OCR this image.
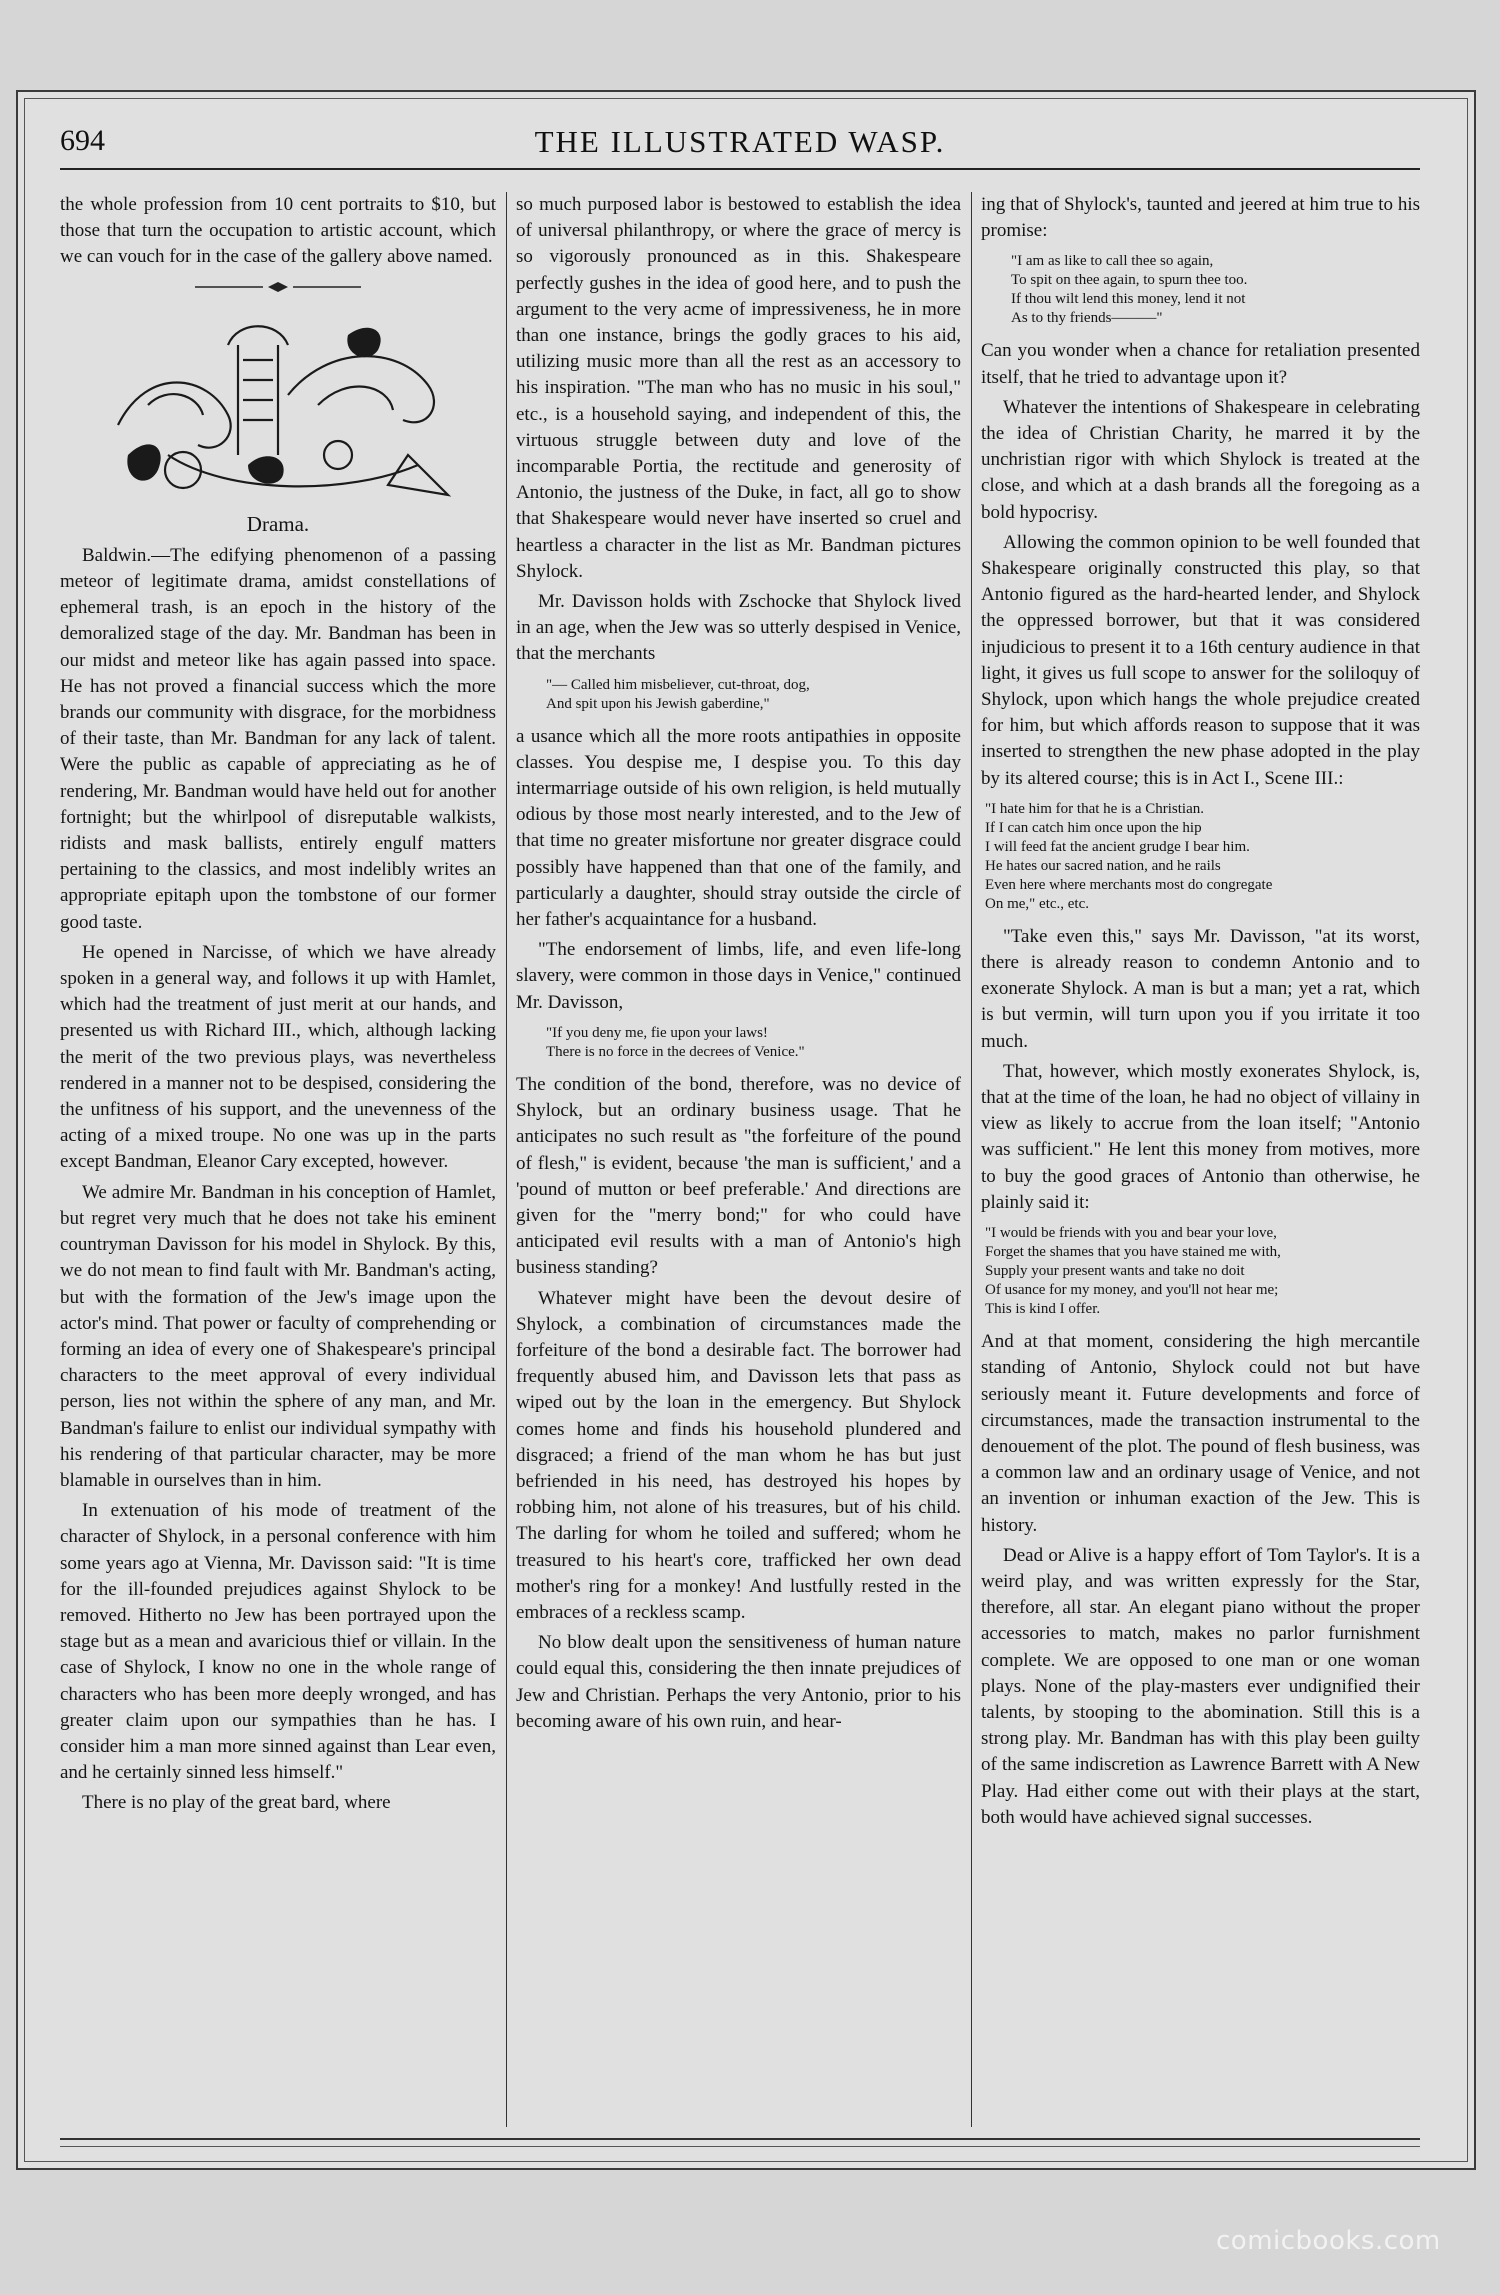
694	THE ILLUSTRATED WASP.

the whole profession from 10 cent portraits to $10, but those that turn the occupation to artistic account, which we can vouch for in the case of the gallery above named.

Drama.

Baldwin.—The edifying phenomenon of a passing meteor of legitimate drama, amidst constellations of ephemeral trash, is an epoch in the history of the demoralized stage of the day. Mr. Bandman has been in our midst and meteor like has again passed into space. He has not proved a financial success which the more brands our community with disgrace, for the morbidness of their taste, than Mr. Bandman for any lack of talent. Were the public as capable of appreciating as he of rendering, Mr. Bandman would have held out for another fortnight; but the whirlpool of disreputable walkists, ridists and mask ballists, entirely engulf matters pertaining to the classics, and most indelibly writes an appropriate epitaph upon the tombstone of our former good taste.

He opened in Narcisse, of which we have already spoken in a general way, and follows it up with Hamlet, which had the treatment of just merit at our hands, and presented us with Richard III., which, although lacking the merit of the two previous plays, was nevertheless rendered in a manner not to be despised, considering the the unfitness of his support, and the unevenness of the acting of a mixed troupe. No one was up in the parts except Bandman, Eleanor Cary excepted, however.

We admire Mr. Bandman in his conception of Hamlet, but regret very much that he does not take his eminent countryman Davisson for his model in Shylock. By this, we do not mean to find fault with Mr. Bandman's acting, but with the formation of the Jew's image upon the actor's mind. That power or faculty of comprehending or forming an idea of every one of Shakespeare's principal characters to the meet approval of every individual person, lies not within the sphere of any man, and Mr. Bandman's failure to enlist our individual sympathy with his rendering of that particular character, may be more blamable in ourselves than in him.

In extenuation of his mode of treatment of the character of Shylock, in a personal conference with him some years ago at Vienna, Mr. Davisson said: "It is time for the ill-founded prejudices against Shylock to be removed. Hitherto no Jew has been portrayed upon the stage but as a mean and avaricious thief or villain. In the case of Shylock, I know no one in the whole range of characters who has been more deeply wronged, and has greater claim upon our sympathies than he has. I consider him a man more sinned against than Lear even, and he certainly sinned less himself."

There is no play of the great bard, where

so much purposed labor is bestowed to establish the idea of universal philanthropy, or where the grace of mercy is so vigorously pronounced as in this. Shakespeare perfectly gushes in the idea of good here, and to push the argument to the very acme of impressiveness, he in more than one instance, brings the godly graces to his aid, utilizing music more than all the rest as an accessory to his inspiration. "The man who has no music in his soul," etc., is a household saying, and independent of this, the virtuous struggle between duty and love of the incomparable Portia, the rectitude and generosity of Antonio, the justness of the Duke, in fact, all go to show that Shakespeare would never have inserted so cruel and heartless a character in the list as Mr. Bandman pictures Shylock.

Mr. Davisson holds with Zschocke that Shylock lived in an age, when the Jew was so utterly despised in Venice, that the merchants

"— Called him misbeliever, cut-throat, dog,
And spit upon his Jewish gaberdine,"

a usance which all the more roots antipathies in opposite classes. You despise me, I despise you. To this day intermarriage outside of his own religion, is held mutually odious by those most nearly interested, and to the Jew of that time no greater misfortune nor greater disgrace could possibly have happened than that one of the family, and particularly a daughter, should stray outside the circle of her father's acquaintance for a husband.

"The endorsement of limbs, life, and even life-long slavery, were common in those days in Venice," continued Mr. Davisson,

"If you deny me, fie upon your laws!
There is no force in the decrees of Venice."

The condition of the bond, therefore, was no device of Shylock, but an ordinary business usage. That he anticipates no such result as "the forfeiture of the pound of flesh," is evident, because 'the man is sufficient,' and a 'pound of mutton or beef preferable.' And directions are given for the "merry bond;" for who could have anticipated evil results with a man of Antonio's high business standing?

Whatever might have been the devout desire of Shylock, a combination of circumstances made the forfeiture of the bond a desirable fact. The borrower had frequently abused him, and Davisson lets that pass as wiped out by the loan in the emergency. But Shylock comes home and finds his household plundered and disgraced; a friend of the man whom he has but just befriended in his need, has destroyed his hopes by robbing him, not alone of his treasures, but of his child. The darling for whom he toiled and suffered; whom he treasured to his heart's core, trafficked her own dead mother's ring for a monkey! And lustfully rested in the embraces of a reckless scamp.

No blow dealt upon the sensitiveness of human nature could equal this, considering the then innate prejudices of Jew and Christian. Perhaps the very Antonio, prior to his becoming aware of his own ruin, and hear-

ing that of Shylock's, taunted and jeered at him true to his promise:

"I am as like to call thee so again,
To spit on thee again, to spurn thee too.
If thou wilt lend this money, lend it not
As to thy friends———"

Can you wonder when a chance for retaliation presented itself, that he tried to advantage upon it?

Whatever the intentions of Shakespeare in celebrating the idea of Christian Charity, he marred it by the unchristian rigor with which Shylock is treated at the close, and which at a dash brands all the foregoing as a bold hypocrisy.

Allowing the common opinion to be well founded that Shakespeare originally constructed this play, so that Antonio figured as the hard-hearted lender, and Shylock the oppressed borrower, but that it was considered injudicious to present it to a 16th century audience in that light, it gives us full scope to answer for the soliloquy of Shylock, upon which hangs the whole prejudice created for him, but which affords reason to suppose that it was inserted to strengthen the new phase adopted in the play by its altered course; this is in Act I., Scene III.:

"I hate him for that he is a Christian.
If I can catch him once upon the hip
I will feed fat the ancient grudge I bear him.
He hates our sacred nation, and he rails
Even here where merchants most do congregate
On me," etc., etc.

"Take even this," says Mr. Davisson, "at its worst, there is already reason to condemn Antonio and to exonerate Shylock. A man is but a man; yet a rat, which is but vermin, will turn upon you if you irritate it too much.

That, however, which mostly exonerates Shylock, is, that at the time of the loan, he had no object of villainy in view as likely to accrue from the loan itself; "Antonio was sufficient." He lent this money from motives, more to buy the good graces of Antonio than otherwise, he plainly said it:

"I would be friends with you and bear your love,
Forget the shames that you have stained me with,
Supply your present wants and take no doit
Of usance for my money, and you'll not hear me;
This is kind I offer.

And at that moment, considering the high mercantile standing of Antonio, Shylock could not but have seriously meant it. Future developments and force of circumstances, made the transaction instrumental to the denouement of the plot. The pound of flesh business, was a common law and an ordinary usage of Venice, and not an invention or inhuman exaction of the Jew. This is history.

Dead or Alive is a happy effort of Tom Taylor's. It is a weird play, and was written expressly for the Star, therefore, all star. An elegant piano without the proper accessories to match, makes no parlor furnishment complete. We are opposed to one man or one woman plays. None of the play-masters ever undignified their talents, by stooping to the abomination. Still this is a strong play. Mr. Bandman has with this play been guilty of the same indiscretion as Lawrence Barrett with A New Play. Had either come out with their plays at the start, both would have achieved signal successes.

comicbooks.com
